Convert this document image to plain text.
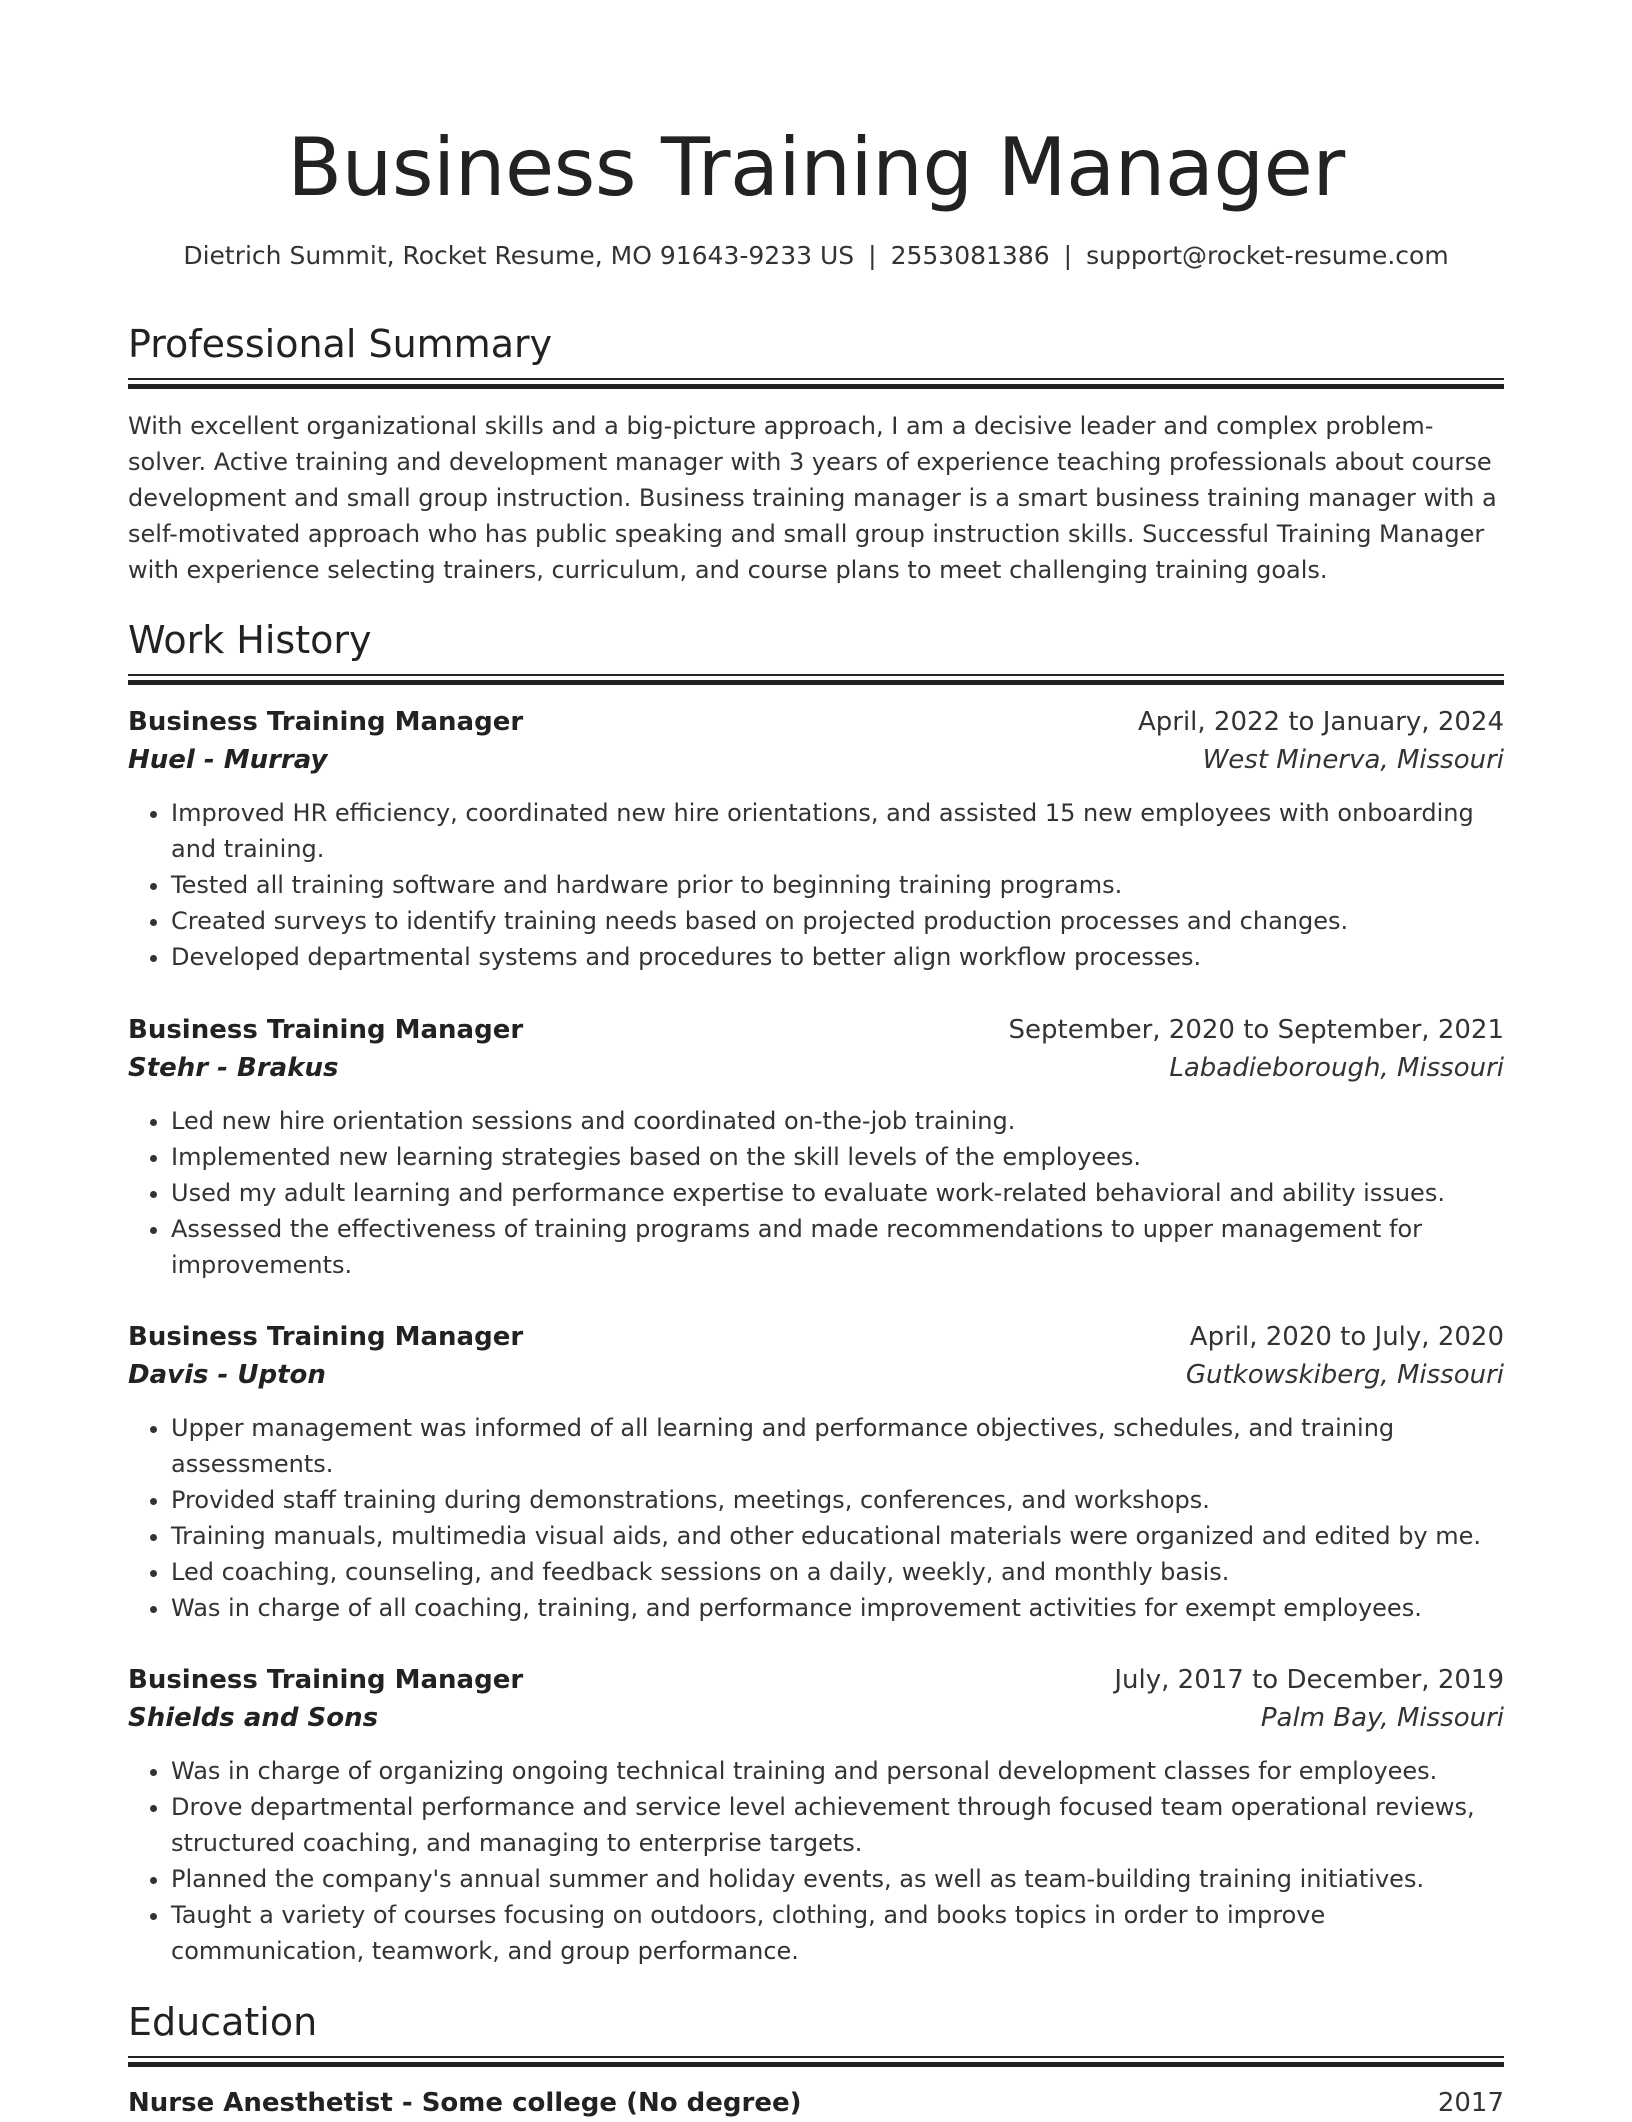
Business Training Manager
Dietrich Summit, Rocket Resume, MO 91643-9233 US | 2553081386 | support@rocket-resume.com
Professional Summary
With excellent organizational skills and a big-picture approach, I am a decisive leader and complex problem-solver. Active training and development manager with 3 years of experience teaching professionals about course development and small group instruction. Business training manager is a smart business training manager with a self-motivated approach who has public speaking and small group instruction skills. Successful Training Manager with experience selecting trainers, curriculum, and course plans to meet challenging training goals.
Work History
Business Training Manager	April, 2022 to January, 2024
Huel - Murray	West Minerva, Missouri
• Improved HR efficiency, coordinated new hire orientations, and assisted 15 new employees with onboarding and training.
• Tested all training software and hardware prior to beginning training programs.
• Created surveys to identify training needs based on projected production processes and changes.
• Developed departmental systems and procedures to better align workflow processes.
Business Training Manager	September, 2020 to September, 2021
Stehr - Brakus	Labadieborough, Missouri
• Led new hire orientation sessions and coordinated on-the-job training.
• Implemented new learning strategies based on the skill levels of the employees.
• Used my adult learning and performance expertise to evaluate work-related behavioral and ability issues.
• Assessed the effectiveness of training programs and made recommendations to upper management for improvements.
Business Training Manager	April, 2020 to July, 2020
Davis - Upton	Gutkowskiberg, Missouri
• Upper management was informed of all learning and performance objectives, schedules, and training assessments.
• Provided staff training during demonstrations, meetings, conferences, and workshops.
• Training manuals, multimedia visual aids, and other educational materials were organized and edited by me.
• Led coaching, counseling, and feedback sessions on a daily, weekly, and monthly basis.
• Was in charge of all coaching, training, and performance improvement activities for exempt employees.
Business Training Manager	July, 2017 to December, 2019
Shields and Sons	Palm Bay, Missouri
• Was in charge of organizing ongoing technical training and personal development classes for employees.
• Drove departmental performance and service level achievement through focused team operational reviews, structured coaching, and managing to enterprise targets.
• Planned the company's annual summer and holiday events, as well as team-building training initiatives.
• Taught a variety of courses focusing on outdoors, clothing, and books topics in order to improve communication, teamwork, and group performance.
Education
Nurse Anesthetist - Some college (No degree)	2017
